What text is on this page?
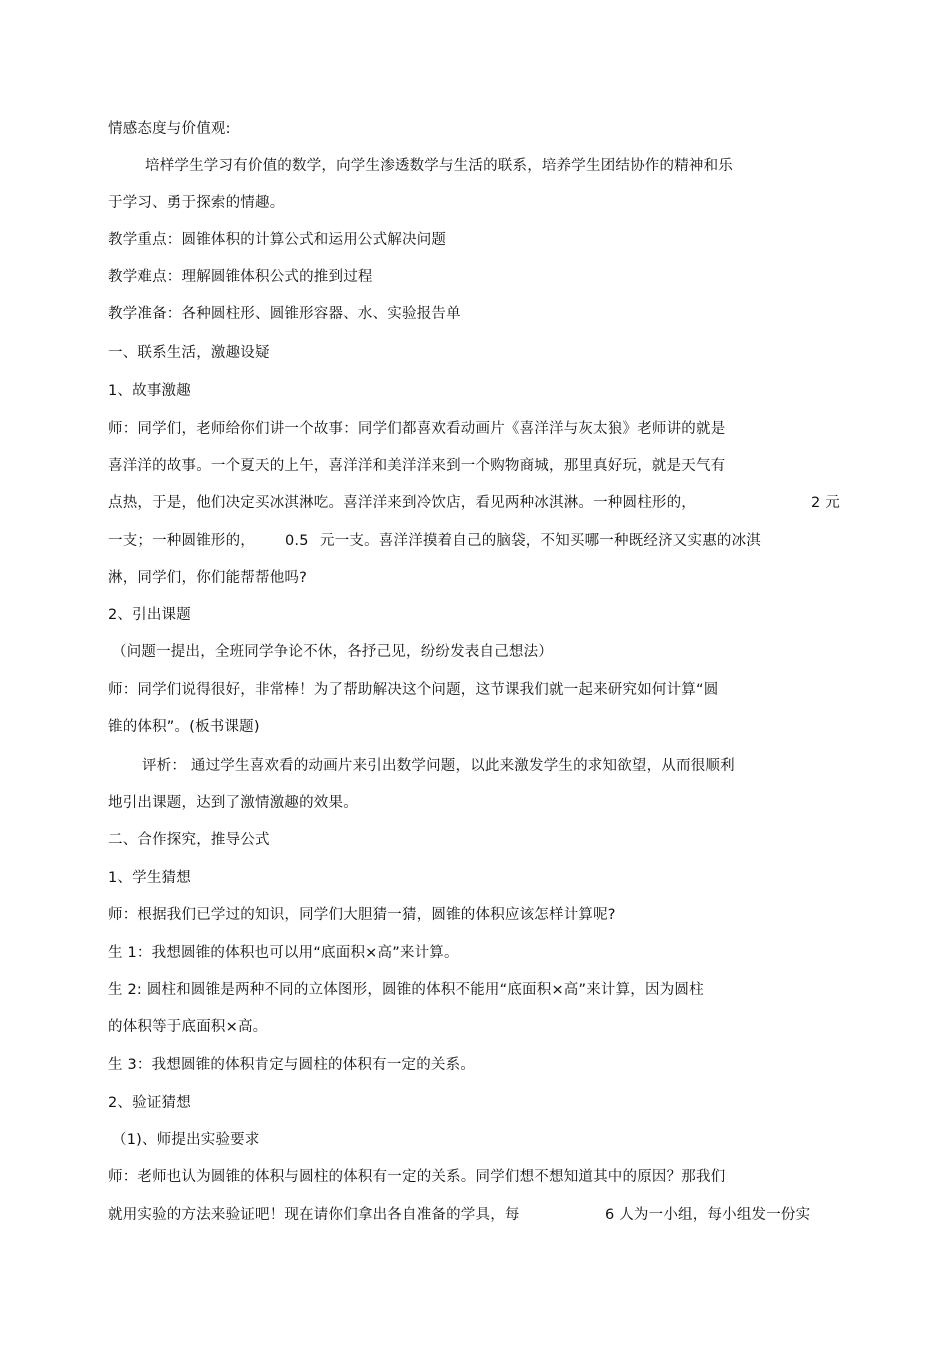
情感态度与价值观:
培样学生学习有价值的数学，向学生渗透数学与生活的联系，培养学生团结协作的精神和乐
于学习、勇于探索的情趣。
教学重点：圆锥体积的计算公式和运用公式解决问题
教学难点：理解圆锥体积公式的推到过程
教学准备：各种圆柱形、圆锥形容器、水、实验报告单
一、联系生活，激趣设疑
1、故事激趣
师：同学们，老师给你们讲一个故事：同学们都喜欢看动画片《喜洋洋与灰太狼》老师讲的就是
喜洋洋的故事。一个夏天的上午，喜洋洋和美洋洋来到一个购物商城，那里真好玩，就是天气有
点热，于是，他们决定买冰淇淋吃。喜洋洋来到冷饮店，看见两种冰淇淋。一种圆柱形的，	2 元
一支；一种圆锥形的， 0.5 元一支。喜洋洋摸着自己的脑袋，不知买哪一种既经济又实惠的冰淇
淋，同学们，你们能帮帮他吗?
2、引出课题
（问题一提出，全班同学争论不休，各抒己见，纷纷发表自己想法）
师：同学们说得很好，非常棒！为了帮助解决这个问题，这节课我们就一起来研究如何计算“圆
锥的体积”。(板书课题)
评析： 通过学生喜欢看的动画片来引出数学问题，以此来激发学生的求知欲望，从而很顺利
地引出课题，达到了激情激趣的效果。
二、合作探究，推导公式
1、学生猜想
师：根据我们已学过的知识，同学们大胆猜一猜，圆锥的体积应该怎样计算呢?
生 1：我想圆锥的体积也可以用“底面积×高”来计算。
生 2: 圆柱和圆锥是两种不同的立体图形，圆锥的体积不能用“底面积×高”来计算，因为圆柱
的体积等于底面积×高。
生 3：我想圆锥的体积肯定与圆柱的体积有一定的关系。
2、验证猜想
（1)、师提出实验要求
师：老师也认为圆锥的体积与圆柱的体积有一定的关系。同学们想不想知道其中的原因？那我们
就用实验的方法来验证吧！现在请你们拿出各自准备的学具，每	6 人为一小组，每小组发一份实
